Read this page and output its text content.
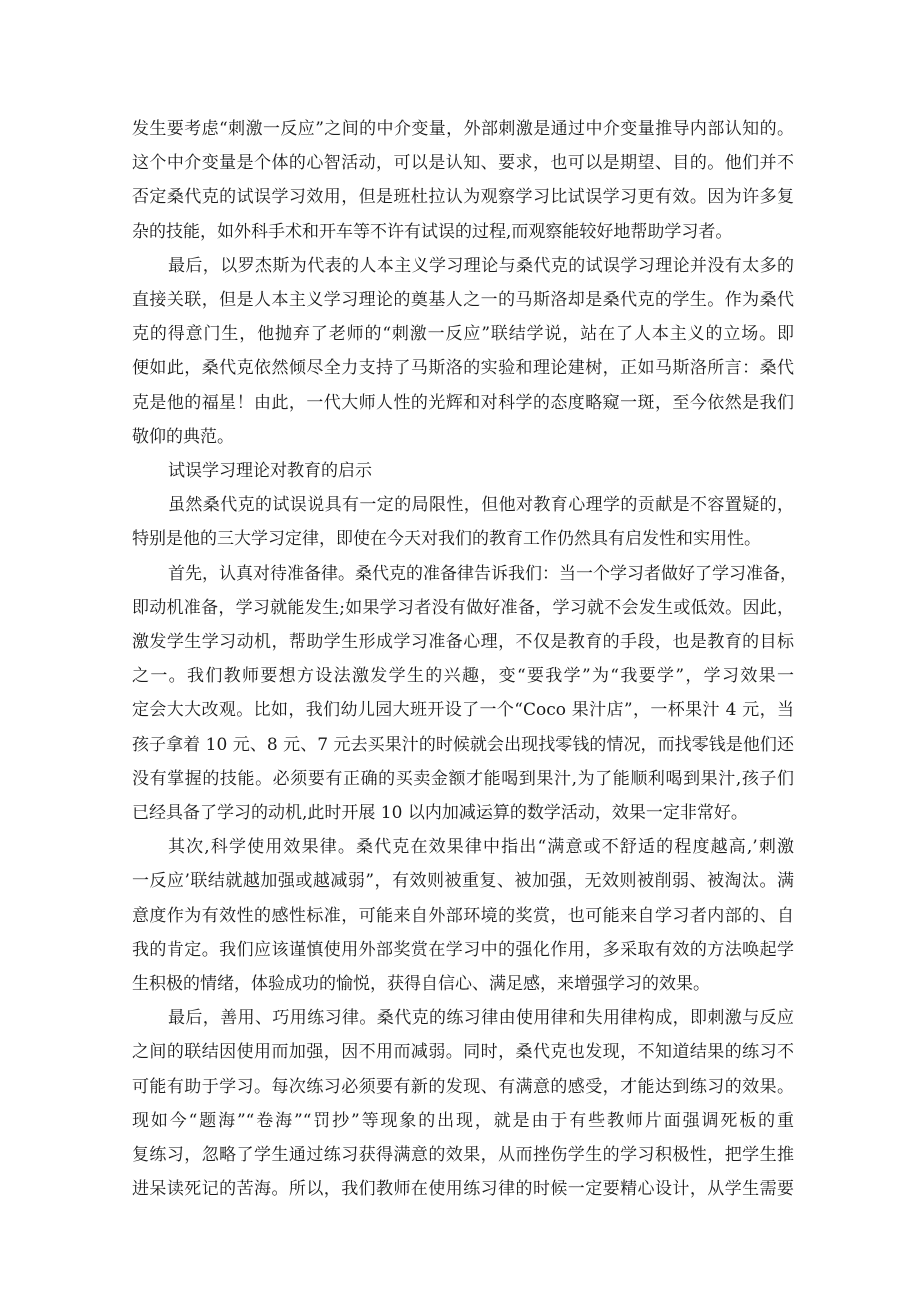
发生要考虑“刺激一反应”之间的中介变量，外部刺激是通过中介变量推导内部认知的。
这个中介变量是个体的心智活动，可以是认知、要求，也可以是期望、目的。他们并不
否定桑代克的试误学习效用，但是班杜拉认为观察学习比试误学习更有效。因为许多复
杂的技能，如外科手术和开车等不许有试误的过程,而观察能较好地帮助学习者。
最后，以罗杰斯为代表的人本主义学习理论与桑代克的试误学习理论并没有太多的
直接关联，但是人本主义学习理论的奠基人之一的马斯洛却是桑代克的学生。作为桑代
克的得意门生，他抛弃了老师的“刺激一反应”联结学说，站在了人本主义的立场。即
便如此，桑代克依然倾尽全力支持了马斯洛的实验和理论建树，正如马斯洛所言：桑代
克是他的福星！由此，一代大师人性的光辉和对科学的态度略窥一斑，至今依然是我们
敬仰的典范。
试误学习理论对教育的启示
虽然桑代克的试误说具有一定的局限性，但他对教育心理学的贡献是不容置疑的，
特别是他的三大学习定律，即使在今天对我们的教育工作仍然具有启发性和实用性。
首先，认真对待准备律。桑代克的准备律告诉我们：当一个学习者做好了学习准备，
即动机准备，学习就能发生;如果学习者没有做好准备，学习就不会发生或低效。因此，
激发学生学习动机，帮助学生形成学习准备心理，不仅是教育的手段，也是教育的目标
之一。我们教师要想方设法激发学生的兴趣，变“要我学”为“我要学”，学习效果一
定会大大改观。比如，我们幼儿园大班开设了一个“Coco 果汁店”，一杯果汁 4 元，当
孩子拿着 10 元、8 元、7 元去买果汁的时候就会出现找零钱的情况，而找零钱是他们还
没有掌握的技能。必须要有正确的买卖金额才能喝到果汁,为了能顺利喝到果汁,孩子们
已经具备了学习的动机,此时开展 10 以内加减运算的数学活动，效果一定非常好。
其次,科学使用效果律。桑代克在效果律中指出“满意或不舒适的程度越高,’刺激
一反应’联结就越加强或越减弱”，有效则被重复、被加强，无效则被削弱、被淘汰。满
意度作为有效性的感性标准，可能来自外部环境的奖赏，也可能来自学习者内部的、自
我的肯定。我们应该谨慎使用外部奖赏在学习中的强化作用，多采取有效的方法唤起学
生积极的情绪，体验成功的愉悦，获得自信心、满足感，来增强学习的效果。
最后，善用、巧用练习律。桑代克的练习律由使用律和失用律构成，即刺激与反应
之间的联结因使用而加强，因不用而减弱。同时，桑代克也发现，不知道结果的练习不
可能有助于学习。每次练习必须要有新的发现、有满意的感受，才能达到练习的效果。
现如今“题海”“卷海”“罚抄”等现象的出现，就是由于有些教师片面强调死板的重
复练习，忽略了学生通过练习获得满意的效果，从而挫伤学生的学习积极性，把学生推
进呆读死记的苦海。所以，我们教师在使用练习律的时候一定要精心设计，从学生需要
